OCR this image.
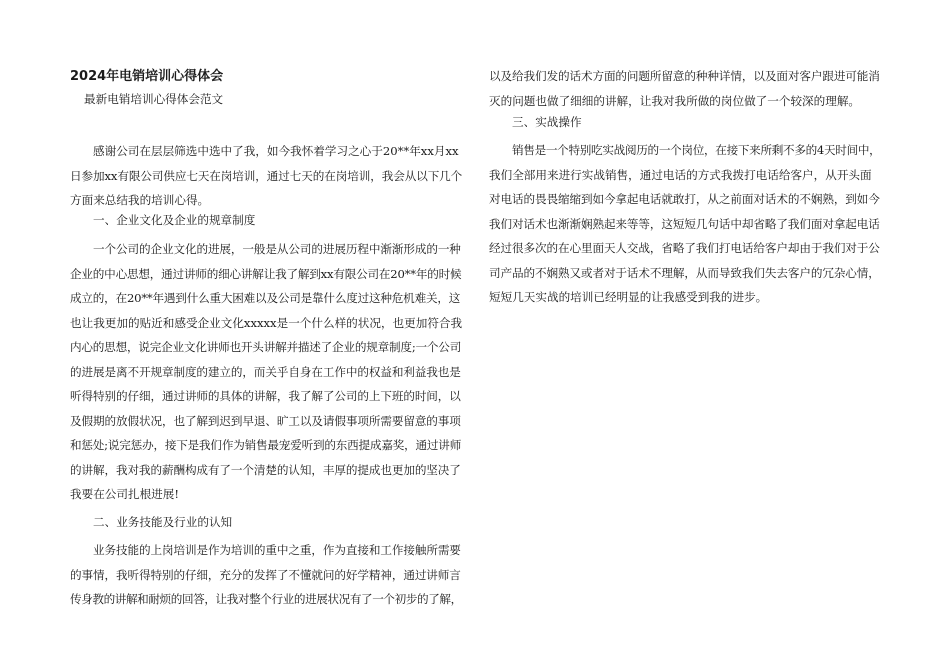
2024年电销培训心得体会
最新电销培训心得体会范文
感谢公司在层层筛选中选中了我，如今我怀着学习之心于20**年xx月xx
日参加xx有限公司供应七天在岗培训，通过七天的在岗培训，我会从以下几个
方面来总结我的培训心得。
一、企业文化及企业的规章制度
一个公司的企业文化的进展，一般是从公司的进展历程中渐渐形成的一种
企业的中心思想，通过讲师的细心讲解让我了解到xx有限公司在20**年的时候
成立的，在20**年遇到什么重大困难以及公司是靠什么度过这种危机难关，这
也让我更加的贴近和感受企业文化xxxxx是一个什么样的状况，也更加符合我
内心的思想，说完企业文化讲师也开头讲解并描述了企业的规章制度;一个公司
的进展是离不开规章制度的建立的，而关乎自身在工作中的权益和利益我也是
听得特别的仔细，通过讲师的具体的讲解，我了解了公司的上下班的时间，以
及假期的放假状况，也了解到迟到早退、旷工以及请假事项所需要留意的事项
和惩处;说完惩办，接下是我们作为销售最宠爱听到的东西提成嘉奖，通过讲师
的讲解，我对我的薪酬构成有了一个清楚的认知，丰厚的提成也更加的坚决了
我要在公司扎根进展!
二、业务技能及行业的认知
业务技能的上岗培训是作为培训的重中之重，作为直接和工作接触所需要
的事情，我听得特别的仔细，充分的发挥了不懂就问的好学精神，通过讲师言
传身教的讲解和耐烦的回答，让我对整个行业的进展状况有了一个初步的了解，
以及给我们发的话术方面的问题所留意的种种详情，以及面对客户跟进可能消
灭的问题也做了细细的讲解，让我对我所做的岗位做了一个较深的理解。
三、实战操作
销售是一个特别吃实战阅历的一个岗位，在接下来所剩不多的4天时间中，
我们全部用来进行实战销售，通过电话的方式我拨打电话给客户，从开头面
对电话的畏畏缩缩到如今拿起电话就敢打，从之前面对话术的不娴熟，到如今
我们对话术也渐渐娴熟起来等等，这短短几句话中却省略了我们面对拿起电话
经过很多次的在心里面天人交战，省略了我们打电话给客户却由于我们对于公
司产品的不娴熟又或者对于话术不理解，从而导致我们失去客户的冗杂心情，
短短几天实战的培训已经明显的让我感受到我的进步。
